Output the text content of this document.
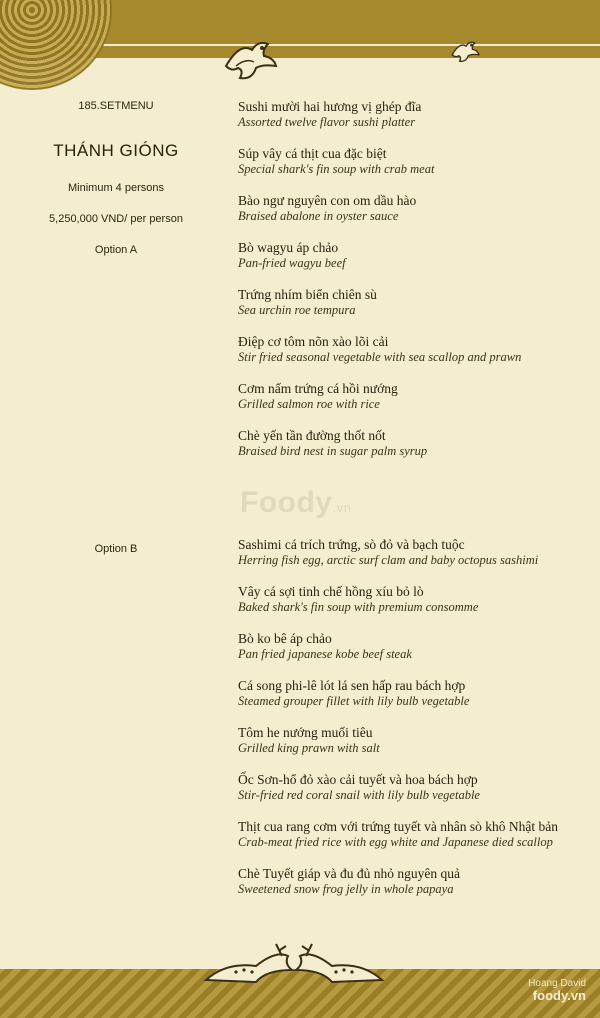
185.SETMENU
THÁNH GIÓNG
Minimum 4 persons
5,250,000 VND/ per person
Option A
Option B
Sushi mười hai hương vị ghép đĩa
Assorted twelve flavor sushi platter
Súp vây cá thịt cua đặc biệt
Special shark's fin soup with crab meat
Bào ngư nguyên con om dầu hào
Braised abalone in oyster sauce
Bò wagyu áp chảo
Pan-fried wagyu beef
Trứng nhím biển chiên sù
Sea urchin roe tempura
Điệp cơ tôm nõn xào lõi cải
Stir fried seasonal vegetable with sea scallop and prawn
Cơm nấm trứng cá hồi nướng
Grilled salmon roe with rice
Chè yến tần đường thốt nốt
Braised bird nest in sugar palm syrup
Foody.vn
Sashimi cá trích trứng, sò đỏ và bạch tuộc
Herring fish egg, arctic surf clam and baby octopus sashimi
Vây cá sợi tinh chế hồng xíu bỏ lò
Baked shark's fin soup with premium consomme
Bò ko bê áp chảo
Pan fried japanese kobe beef steak
Cá song phi-lê lót lá sen hấp rau bách hợp
Steamed grouper fillet with lily bulb vegetable
Tôm he nướng muối tiêu
Grilled king prawn with salt
Ốc Sơn-hổ đỏ xào cải tuyết và hoa bách hợp
Stir-fried red coral snail with lily bulb vegetable
Thịt cua rang cơm với trứng tuyết và nhân sò khô Nhật bản
Crab-meat fried rice with egg white and Japanese died scallop
Chè Tuyết giáp và đu đủ nhỏ nguyên quả
Sweetened snow frog jelly in whole papaya
Hoang David
foody.vn
